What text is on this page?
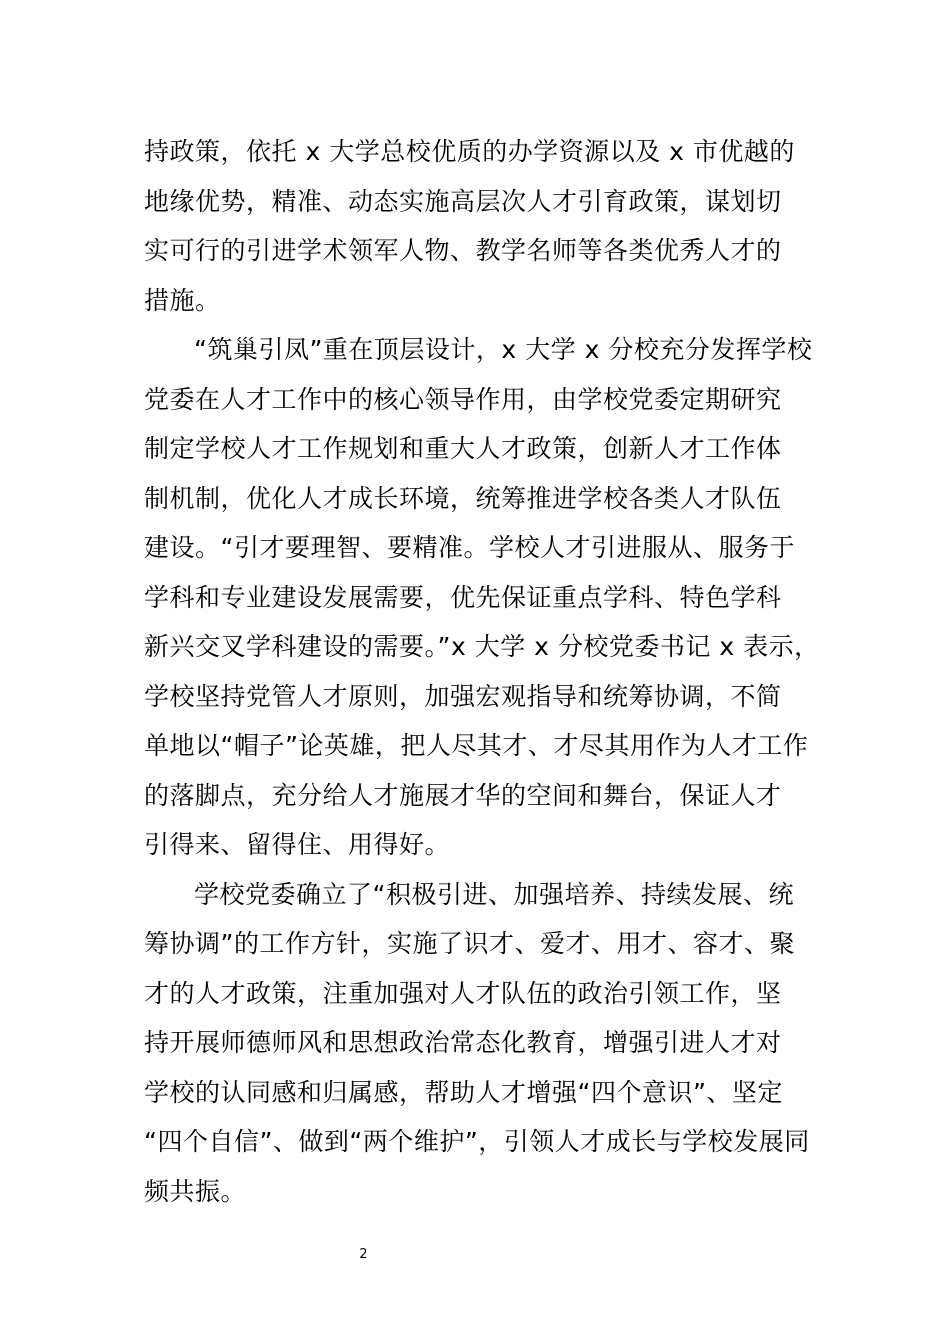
持政策，依托 x 大学总校优质的办学资源以及 x 市优越的
地缘优势，精准、动态实施高层次人才引育政策，谋划切
实可行的引进学术领军人物、教学名师等各类优秀人才的
措施。
“筑巢引凤”重在顶层设计，x 大学 x 分校充分发挥学校
党委在人才工作中的核心领导作用，由学校党委定期研究
制定学校人才工作规划和重大人才政策，创新人才工作体
制机制，优化人才成长环境，统筹推进学校各类人才队伍
建设。“引才要理智、要精准。学校人才引进服从、服务于
学科和专业建设发展需要，优先保证重点学科、特色学科
新兴交叉学科建设的需要。”x 大学 x 分校党委书记 x 表示，
学校坚持党管人才原则，加强宏观指导和统筹协调，不简
单地以“帽子”论英雄，把人尽其才、才尽其用作为人才工作
的落脚点，充分给人才施展才华的空间和舞台，保证人才
引得来、留得住、用得好。
学校党委确立了“积极引进、加强培养、持续发展、统
筹协调”的工作方针，实施了识才、爱才、用才、容才、聚
才的人才政策，注重加强对人才队伍的政治引领工作，坚
持开展师德师风和思想政治常态化教育，增强引进人才对
学校的认同感和归属感，帮助人才增强“四个意识”、坚定
“四个自信”、做到“两个维护”，引领人才成长与学校发展同
频共振。
2
